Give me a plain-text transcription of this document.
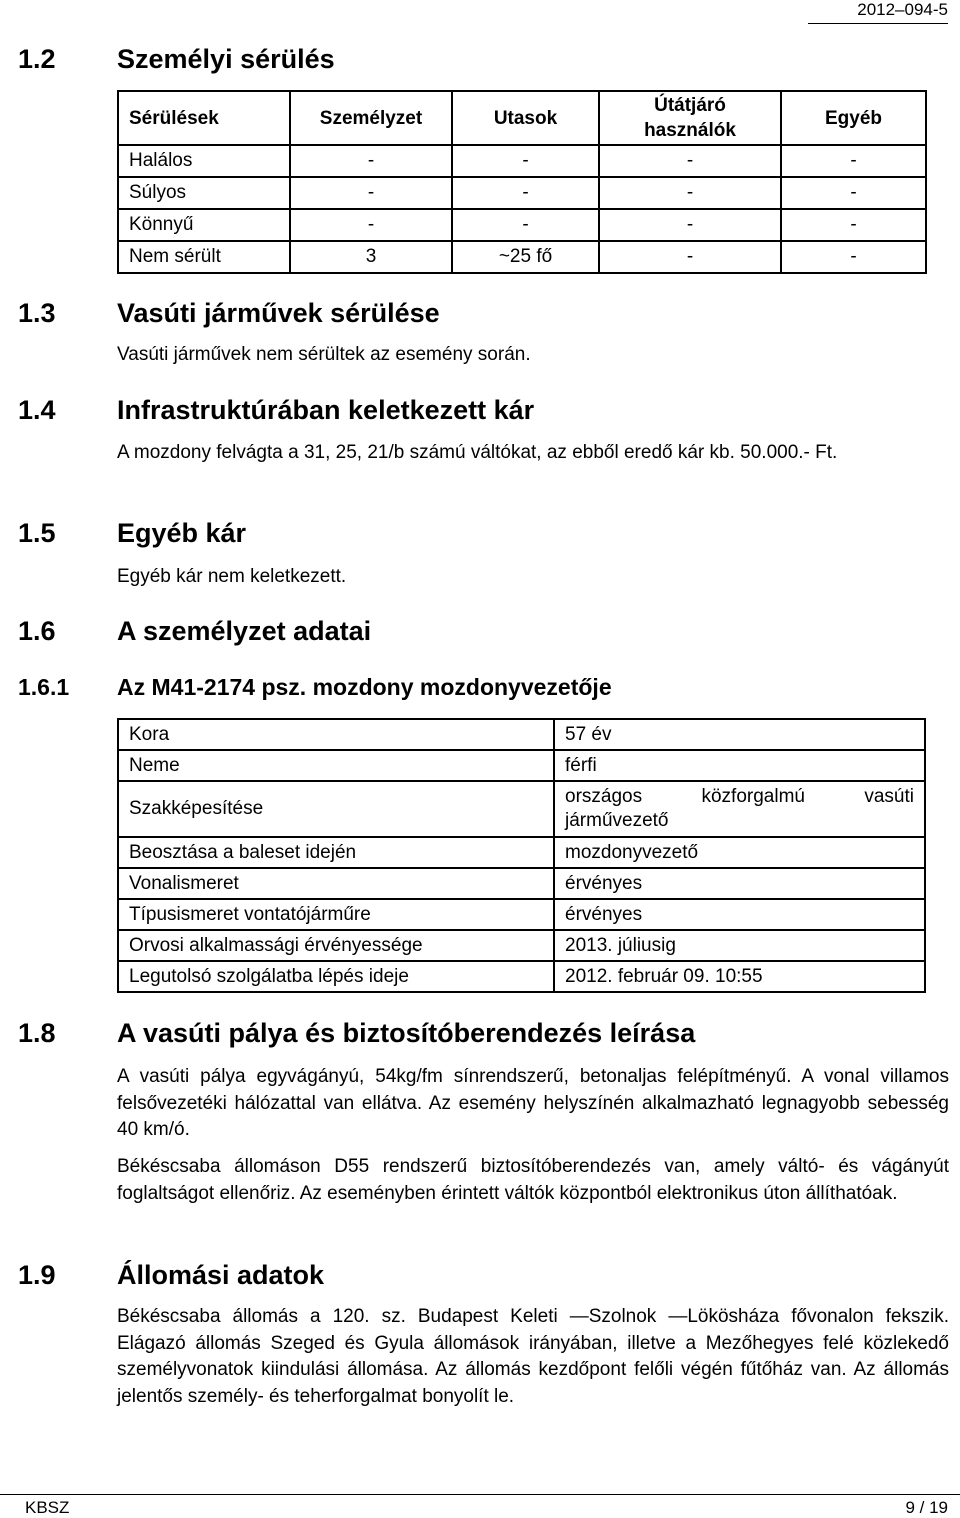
2012–094-5
1.2 Személyi sérülés
Sérülések	Személyzet	Utasok	Útátjáró használók	Egyéb
Halálos	-	-	-	-
Súlyos	-	-	-	-
Könnyű	-	-	-	-
Nem sérült	3	~25 fő	-	-
1.3 Vasúti járművek sérülése
Vasúti járművek nem sérültek az esemény során.
1.4 Infrastruktúrában keletkezett kár
A mozdony felvágta a 31, 25, 21/b számú váltókat, az ebből eredő kár kb. 50.000.- Ft.
1.5 Egyéb kár
Egyéb kár nem keletkezett.
1.6 A személyzet adatai
1.6.1 Az M41-2174 psz. mozdony mozdonyvezetője
Kora	57 év
Neme	férfi
Szakképesítése	országos közforgalmú vasúti
járművezető

Beosztása a baleset idején	mozdonyvezető
Vonalismeret	érvényes
Típusismeret vontatójárműre	érvényes
Orvosi alkalmassági érvényessége	2013. júliusig
Legutolsó szolgálatba lépés ideje	2012. február 09. 10:55
1.8 A vasúti pálya és biztosítóberendezés leírása
A vasúti pálya egyvágányú, 54kg/fm sínrendszerű, betonaljas felépítményű. A vonal villamos felsővezetéki hálózattal van ellátva. Az esemény helyszínén alkalmazható legnagyobb sebesség 40 km/ó.
Békéscsaba állomáson D55 rendszerű biztosítóberendezés van, amely váltó- és vágányút foglaltságot ellenőriz. Az eseményben érintett váltók központból elektronikus úton állíthatóak.
1.9 Állomási adatok
Békéscsaba állomás a 120. sz. Budapest Keleti —Szolnok —Lökösháza fővonalon fekszik. Elágazó állomás Szeged és Gyula állomások irányában, illetve a Mezőhegyes felé közlekedő személyvonatok kiindulási állomása. Az állomás kezdőpont felőli végén fűtőház van. Az állomás jelentős személy- és teherforgalmat bonyolít le.
KBSZ	9 / 19
